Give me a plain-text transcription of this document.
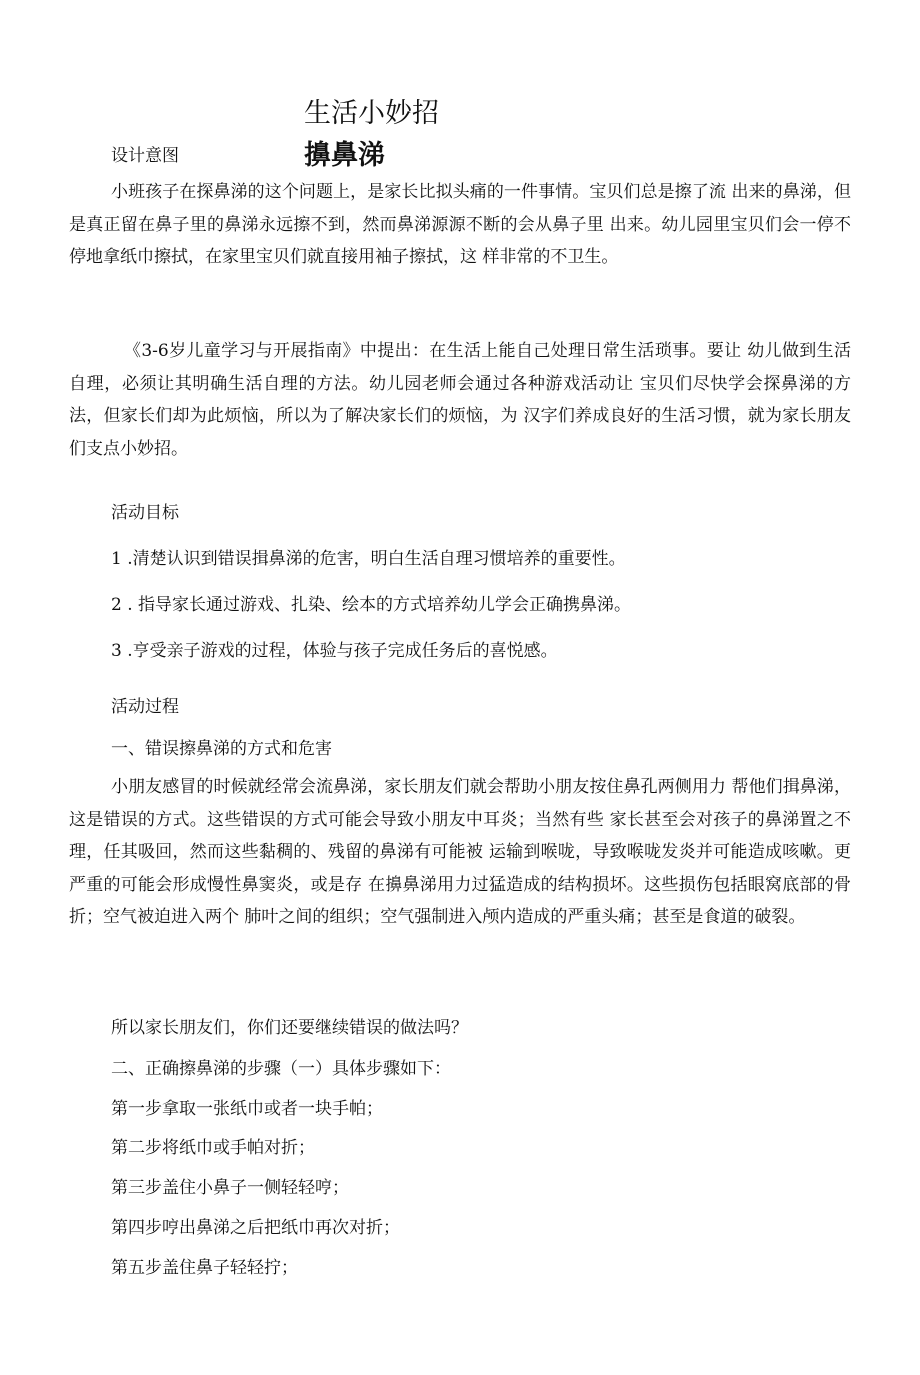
生活小妙招
设计意图	擤鼻涕

小班孩子在探鼻涕的这个问题上，是家长比拟头痛的一件事情。宝贝们总是擦了流 出来的鼻涕，但是真正留在鼻子里的鼻涕永远擦不到，然而鼻涕源源不断的会从鼻子里 出来。幼儿园里宝贝们会一停不停地拿纸巾擦拭，在家里宝贝们就直接用袖子擦拭，这 样非常的不卫生。

《3-6岁儿童学习与开展指南》中提出：在生活上能自己处理日常生活琐事。要让 幼儿做到生活自理，必须让其明确生活自理的方法。幼儿园老师会通过各种游戏活动让 宝贝们尽快学会探鼻涕的方法，但家长们却为此烦恼，所以为了解决家长们的烦恼，为 汉字们养成良好的生活习惯，就为家长朋友们支点小妙招。

活动目标
1 .清楚认识到错误揖鼻涕的危害，明白生活自理习惯培养的重要性。
2 . 指导家长通过游戏、扎染、绘本的方式培养幼儿学会正确携鼻涕。
3 .亨受亲子游戏的过程，体验与孩子完成任务后的喜悦感。
活动过程
一、错误擦鼻涕的方式和危害

小朋友感冒的时候就经常会流鼻涕，家长朋友们就会帮助小朋友按住鼻孔两侧用力 帮他们揖鼻涕，这是错误的方式。这些错误的方式可能会导致小朋友中耳炎；当然有些 家长甚至会对孩子的鼻涕置之不理，任其吸回，然而这些黏稠的、残留的鼻涕有可能被 运输到喉咙，导致喉咙发炎并可能造成咳嗽。更严重的可能会形成慢性鼻窦炎，或是存 在擤鼻涕用力过猛造成的结构损坏。这些损伤包括眼窝底部的骨折；空气被迫进入两个 肺叶之间的组织；空气强制进入颅内造成的严重头痛；甚至是食道的破裂。

所以家长朋友们，你们还要继续错误的做法吗？
二、正确擦鼻涕的步骤（一）具体步骤如下：
第一步拿取一张纸巾或者一块手帕；
第二步将纸巾或手帕对折；
第三步盖住小鼻子一侧轻轻哼；
第四步哼出鼻涕之后把纸巾再次对折；
第五步盖住鼻子轻轻拧；
